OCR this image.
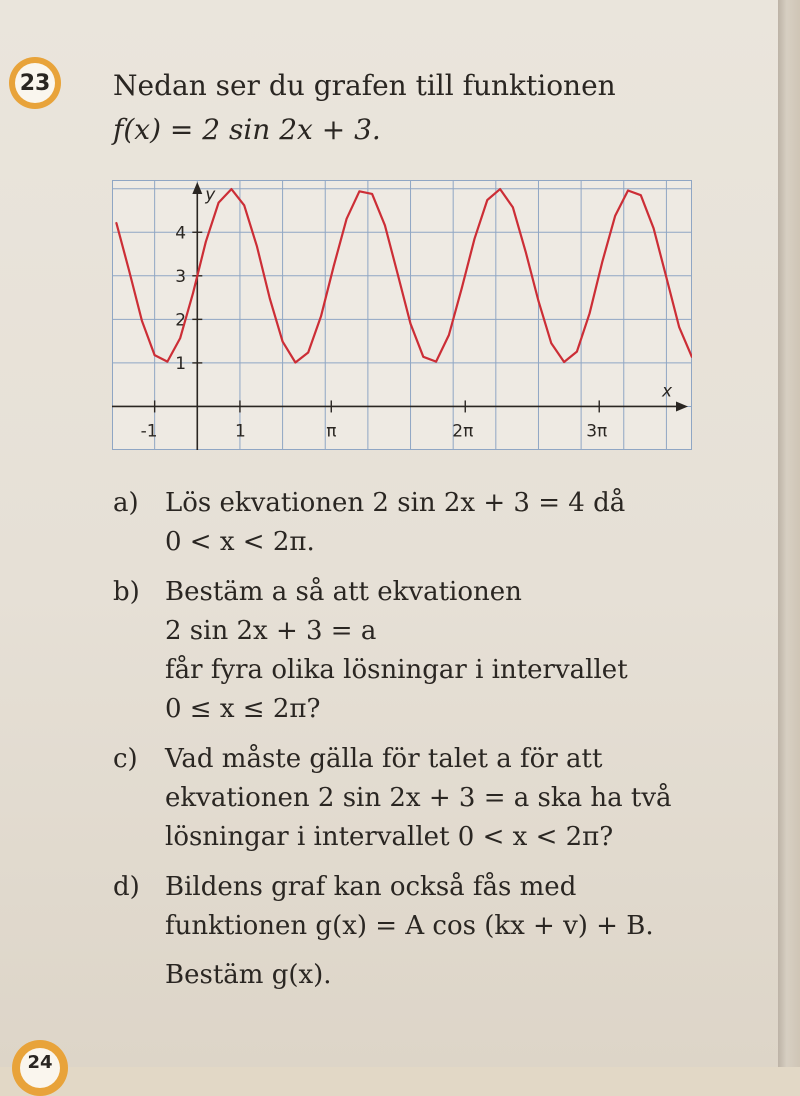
23 Nedan ser du grafen till funktionen
f(x) = 2 sin 2x + 3.
x
y
-1	1	π	2π	3π
1
2
3
4
a)	Lös ekvationen 2 sin 2x + 3 = 4 då
0 < x < 2π.
b) Bestäm a så att ekvationen
2 sin 2x + 3 = a
får fyra olika lösningar i intervallet
0 ≤ x ≤ 2π?
c)	Vad måste gälla för talet a för att
ekvationen 2 sin 2x + 3 = a ska ha två
lösningar i intervallet 0 < x < 2π?
d) Bildens graf kan också fås med
funktionen g(x) = A cos (kx + v) + B.
Bestäm g(x).
24
